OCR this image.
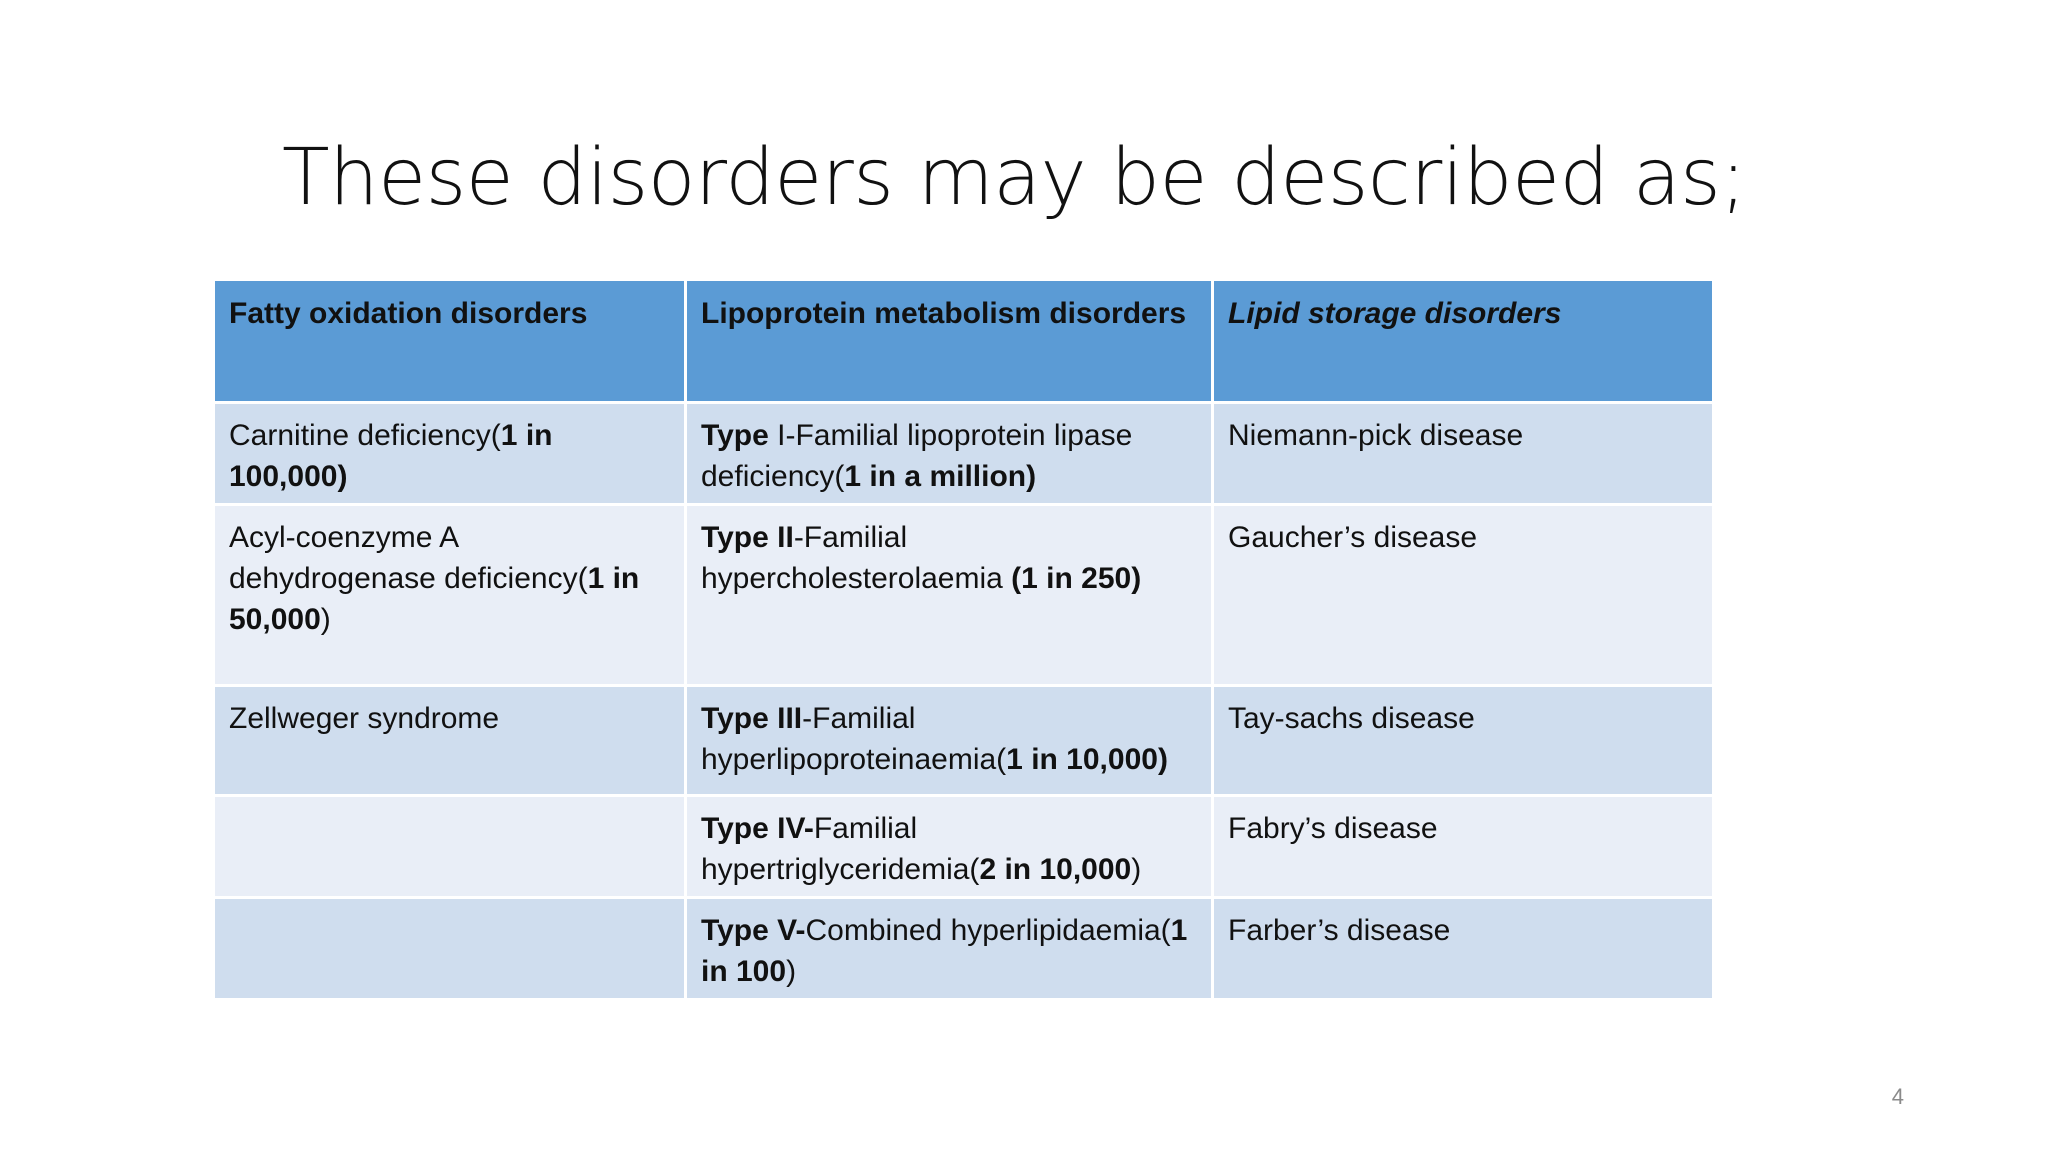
These disorders may be described as;
Fatty oxidation disorders	Lipoprotein metabolism disorders	Lipid storage disorders
Carnitine deficiency(1 in 100,000)	Type I-Familial lipoprotein lipase deficiency(1 in a million)	Niemann-pick disease
Acyl-coenzyme A dehydrogenase deficiency(1 in 50,000)	Type II-Familial hypercholesterolaemia (1 in 250)	Gaucher’s disease
Zellweger syndrome	Type III-Familial hyperlipoproteinaemia(1 in 10,000)	Tay-sachs disease
	Type IV-Familial hypertriglyceridemia(2 in 10,000)	Fabry’s disease
	Type V-Combined hyperlipidaemia(1 in 100)	Farber’s disease
4
